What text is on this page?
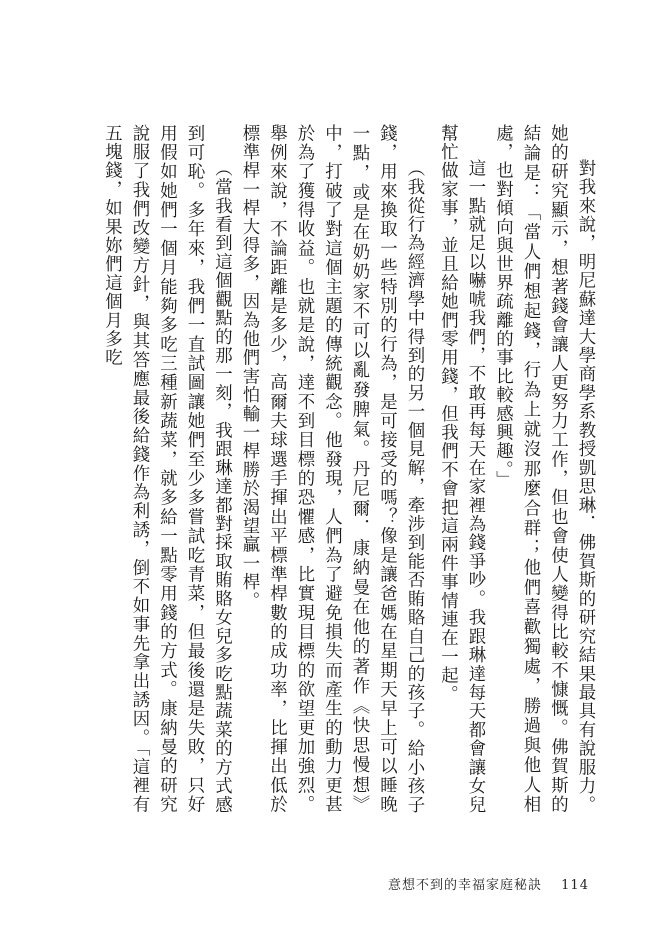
對我來說，明尼蘇達大學商學系教授凱思琳．佛賀斯的研究結果最具有說服力。她的研究顯示，想著錢會讓人更努力工作，但也會使人變得比較不慷慨。佛賀斯的結論是：「當人們想起錢，行為上就沒那麼合群；他們喜歡獨處，勝過與他人相處，也對傾向與世界疏離的事比較感興趣。」

這一點就足以嚇唬我們，不敢再每天在家裡為錢爭吵。我跟琳達每天都會讓女兒幫忙做家事，並且給她們零用錢，但我們不會把這兩件事情連在一起。

（我從行為經濟學中得到的另一個見解，牽涉到能否賄賂自己的孩子。給小孩子錢，用來換取一些特別的行為，是可接受的嗎？像是讓爸媽在星期天早上可以睡晚一點，或是在奶奶家不可以亂發脾氣。丹尼爾．康納曼在他的著作《快思慢想》中，打破了對這個主題的傳統觀念。他發現，人們為了避免損失而產生的動力更甚於為了獲得收益。也就是說，達不到目標的恐懼感，比實現目標的欲望更加強烈。舉例來說，不論距離是多少，高爾夫球選手揮出平標準桿數的成功率，比揮出低於標準桿一桿大得多，因為他們害怕輸一桿勝於渴望贏一桿。

（當我看到這個觀點的那一刻，我跟琳達都對採取賄賂女兒多吃點蔬菜的方式感到可恥。多年來，我們一直試圖讓她們至少多嘗試吃青菜，但最後還是失敗，只好用假如她們一個月能夠多吃三種新蔬菜，就多給一點零用錢的方式。康納曼的研究說服了我們改變方針，與其答應最後給錢作為利誘，倒不如事先拿出誘因。「這裡有五塊錢，如果妳們這個月多吃

意想不到的幸福家庭秘訣 114
